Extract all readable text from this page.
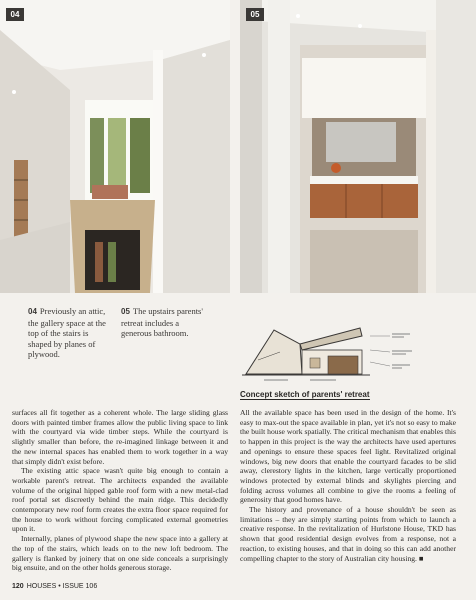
04	05
04 Previously an attic, the gallery space at the top of the stairs is shaped by planes of plywood.
05 The upstairs parents' retreat includes a generous bathroom.
Concept sketch of parents' retreat

surfaces all fit together as a coherent whole. The large sliding glass doors with painted timber frames allow the public living space to link with the courtyard via wide timber steps. While the courtyard is slightly smaller than before, the re-imagined linkage between it and the new internal spaces has enabled them to work together in a way that simply didn't exist before.

The existing attic space wasn't quite big enough to contain a workable parent's retreat. The architects expanded the available volume of the original hipped gable roof form with a new metal-clad roof portal set discreetly behind the main ridge. This decidedly contemporary new roof form creates the extra floor space required for the house to work without forcing complicated external geometries upon it.

Internally, planes of plywood shape the new space into a gallery at the top of the stairs, which leads on to the new loft bedroom. The gallery is flanked by joinery that on one side conceals a surprisingly big ensuite, and on the other holds generous storage.

All the available space has been used in the design of the home. It's easy to max-out the space available in plan, yet it's not so easy to make the built house work spatially. The critical mechanism that enables this to happen in this project is the way the architects have used apertures and openings to ensure these spaces feel light. Revitalized original windows, big new doors that enable the courtyard facades to be slid away, clerestory lights in the kitchen, large vertically proportioned windows protected by external blinds and skylights piercing and folding across volumes all combine to give the rooms a feeling of generosity that good homes have.

The history and provenance of a house shouldn't be seen as limitations – they are simply starting points from which to launch a creative response. In the revitalization of Hurlstone House, TKD has shown that good residential design evolves from a response, not a reaction, to existing houses, and that in doing so this can add another compelling chapter to the story of Australian city housing. ■

120 HOUSES • ISSUE 106
